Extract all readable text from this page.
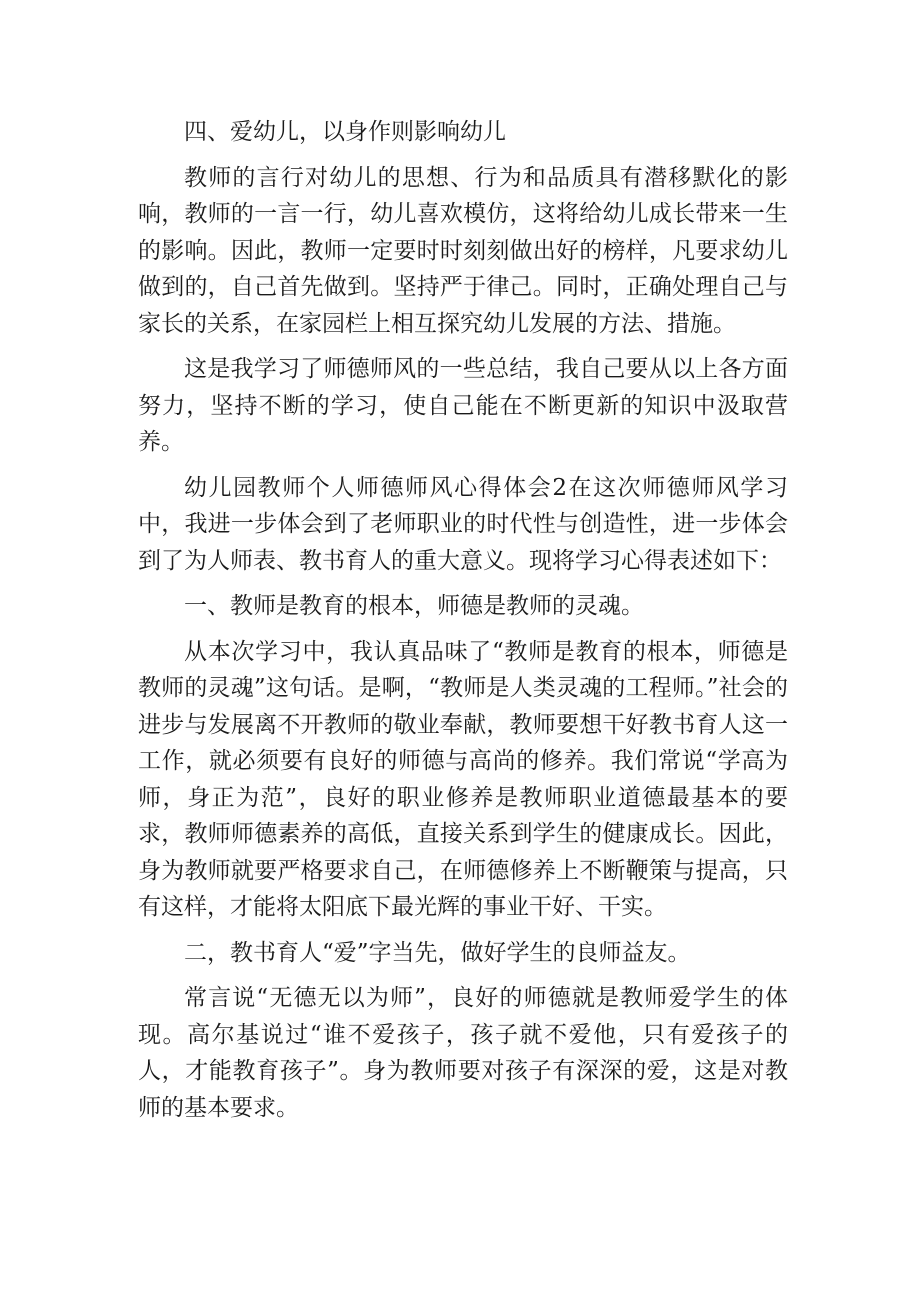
四、爱幼儿，以身作则影响幼儿

教师的言行对幼儿的思想、行为和品质具有潜移默化的影响，教师的一言一行，幼儿喜欢模仿，这将给幼儿成长带来一生的影响。因此，教师一定要时时刻刻做出好的榜样，凡要求幼儿做到的，自己首先做到。坚持严于律己。同时，正确处理自己与家长的关系，在家园栏上相互探究幼儿发展的方法、措施。

这是我学习了师德师风的一些总结，我自己要从以上各方面努力，坚持不断的学习，使自己能在不断更新的知识中汲取营养。

幼儿园教师个人师德师风心得体会2在这次师德师风学习中，我进一步体会到了老师职业的时代性与创造性，进一步体会到了为人师表、教书育人的重大意义。现将学习心得表述如下：

一、教师是教育的根本，师德是教师的灵魂。

从本次学习中，我认真品味了“教师是教育的根本，师德是教师的灵魂”这句话。是啊，“教师是人类灵魂的工程师。”社会的进步与发展离不开教师的敬业奉献，教师要想干好教书育人这一工作，就必须要有良好的师德与高尚的修养。我们常说“学高为师，身正为范”，良好的职业修养是教师职业道德最基本的要求，教师师德素养的高低，直接关系到学生的健康成长。因此，身为教师就要严格要求自己，在师德修养上不断鞭策与提高，只有这样，才能将太阳底下最光辉的事业干好、干实。

二，教书育人“爱”字当先，做好学生的良师益友。

常言说“无德无以为师”，良好的师德就是教师爱学生的体现。高尔基说过“谁不爱孩子，孩子就不爱他，只有爱孩子的人，才能教育孩子”。身为教师要对孩子有深深的爱，这是对教师的基本要求。
